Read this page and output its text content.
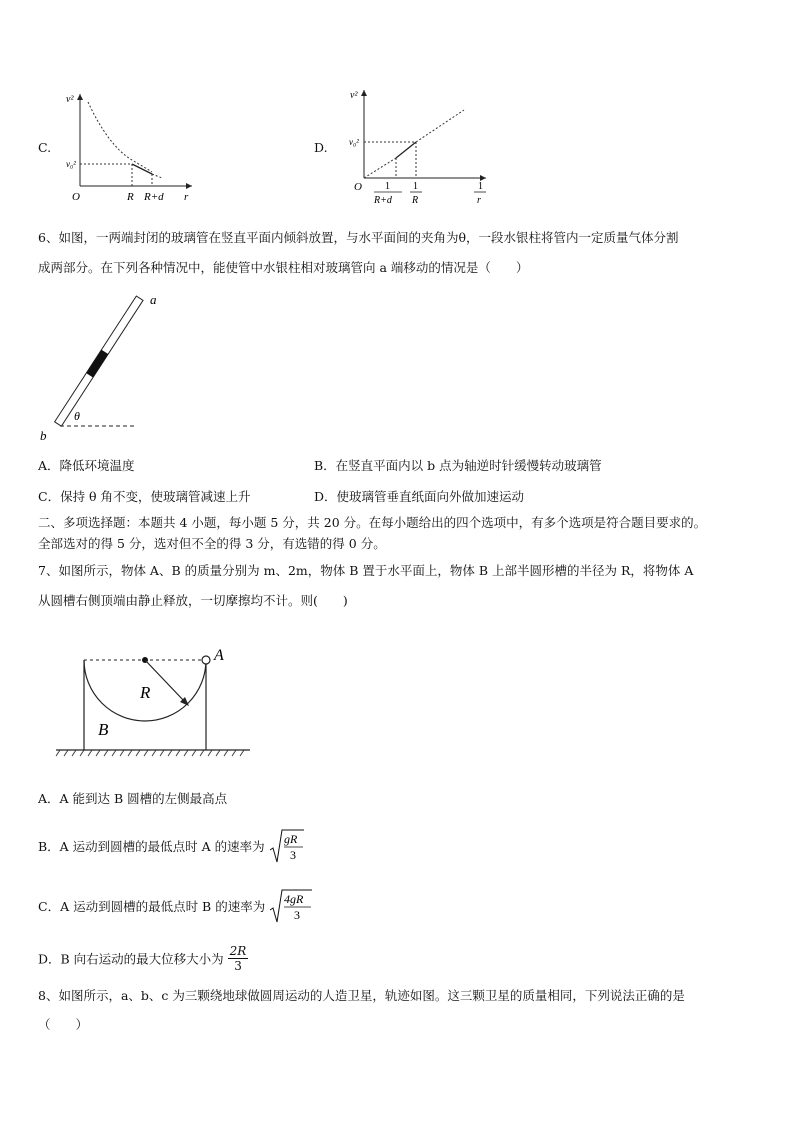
C.
v²
v₀²
O	R R+d r
D.
v²
v₀²
O 1
R+d
1
R
1
r
6、如图，一两端封闭的玻璃管在竖直平面内倾斜放置，与水平面间的夹角为θ，一段水银柱将管内一定质量气体分割
成两部分。在下列各种情况中，能使管中水银柱相对玻璃管向 a 端移动的情况是（　　）
a
b
θ
A．降低环境温度	B．在竖直平面内以 b 点为轴逆时针缓慢转动玻璃管
C．保持 θ 角不变，使玻璃管减速上升	D．使玻璃管垂直纸面向外做加速运动
二、多项选择题：本题共 4 小题，每小题 5 分，共 20 分。在每小题给出的四个选项中，有多个选项是符合题目要求的。
全部选对的得 5 分，选对但不全的得 3 分，有选错的得 0 分。
7、如图所示，物体 A、B 的质量分别为 m、2m，物体 B 置于水平面上，物体 B 上部半圆形槽的半径为 R，将物体 A
从圆槽右侧顶端由静止释放，一切摩擦均不计。则(　　)
A
R
B
A．A 能到达 B 圆槽的左侧最高点
B．A 运动到圆槽的最低点时 A 的速率为 gR
3
C．A 运动到圆槽的最低点时 B 的速率为 4gR
3
D．B 向右运动的最大位移大小为 $\frac{2R}{3}$
8、如图所示，a、b、c 为三颗绕地球做圆周运动的人造卫星，轨迹如图。这三颗卫星的质量相同，下列说法正确的是
（　　）
